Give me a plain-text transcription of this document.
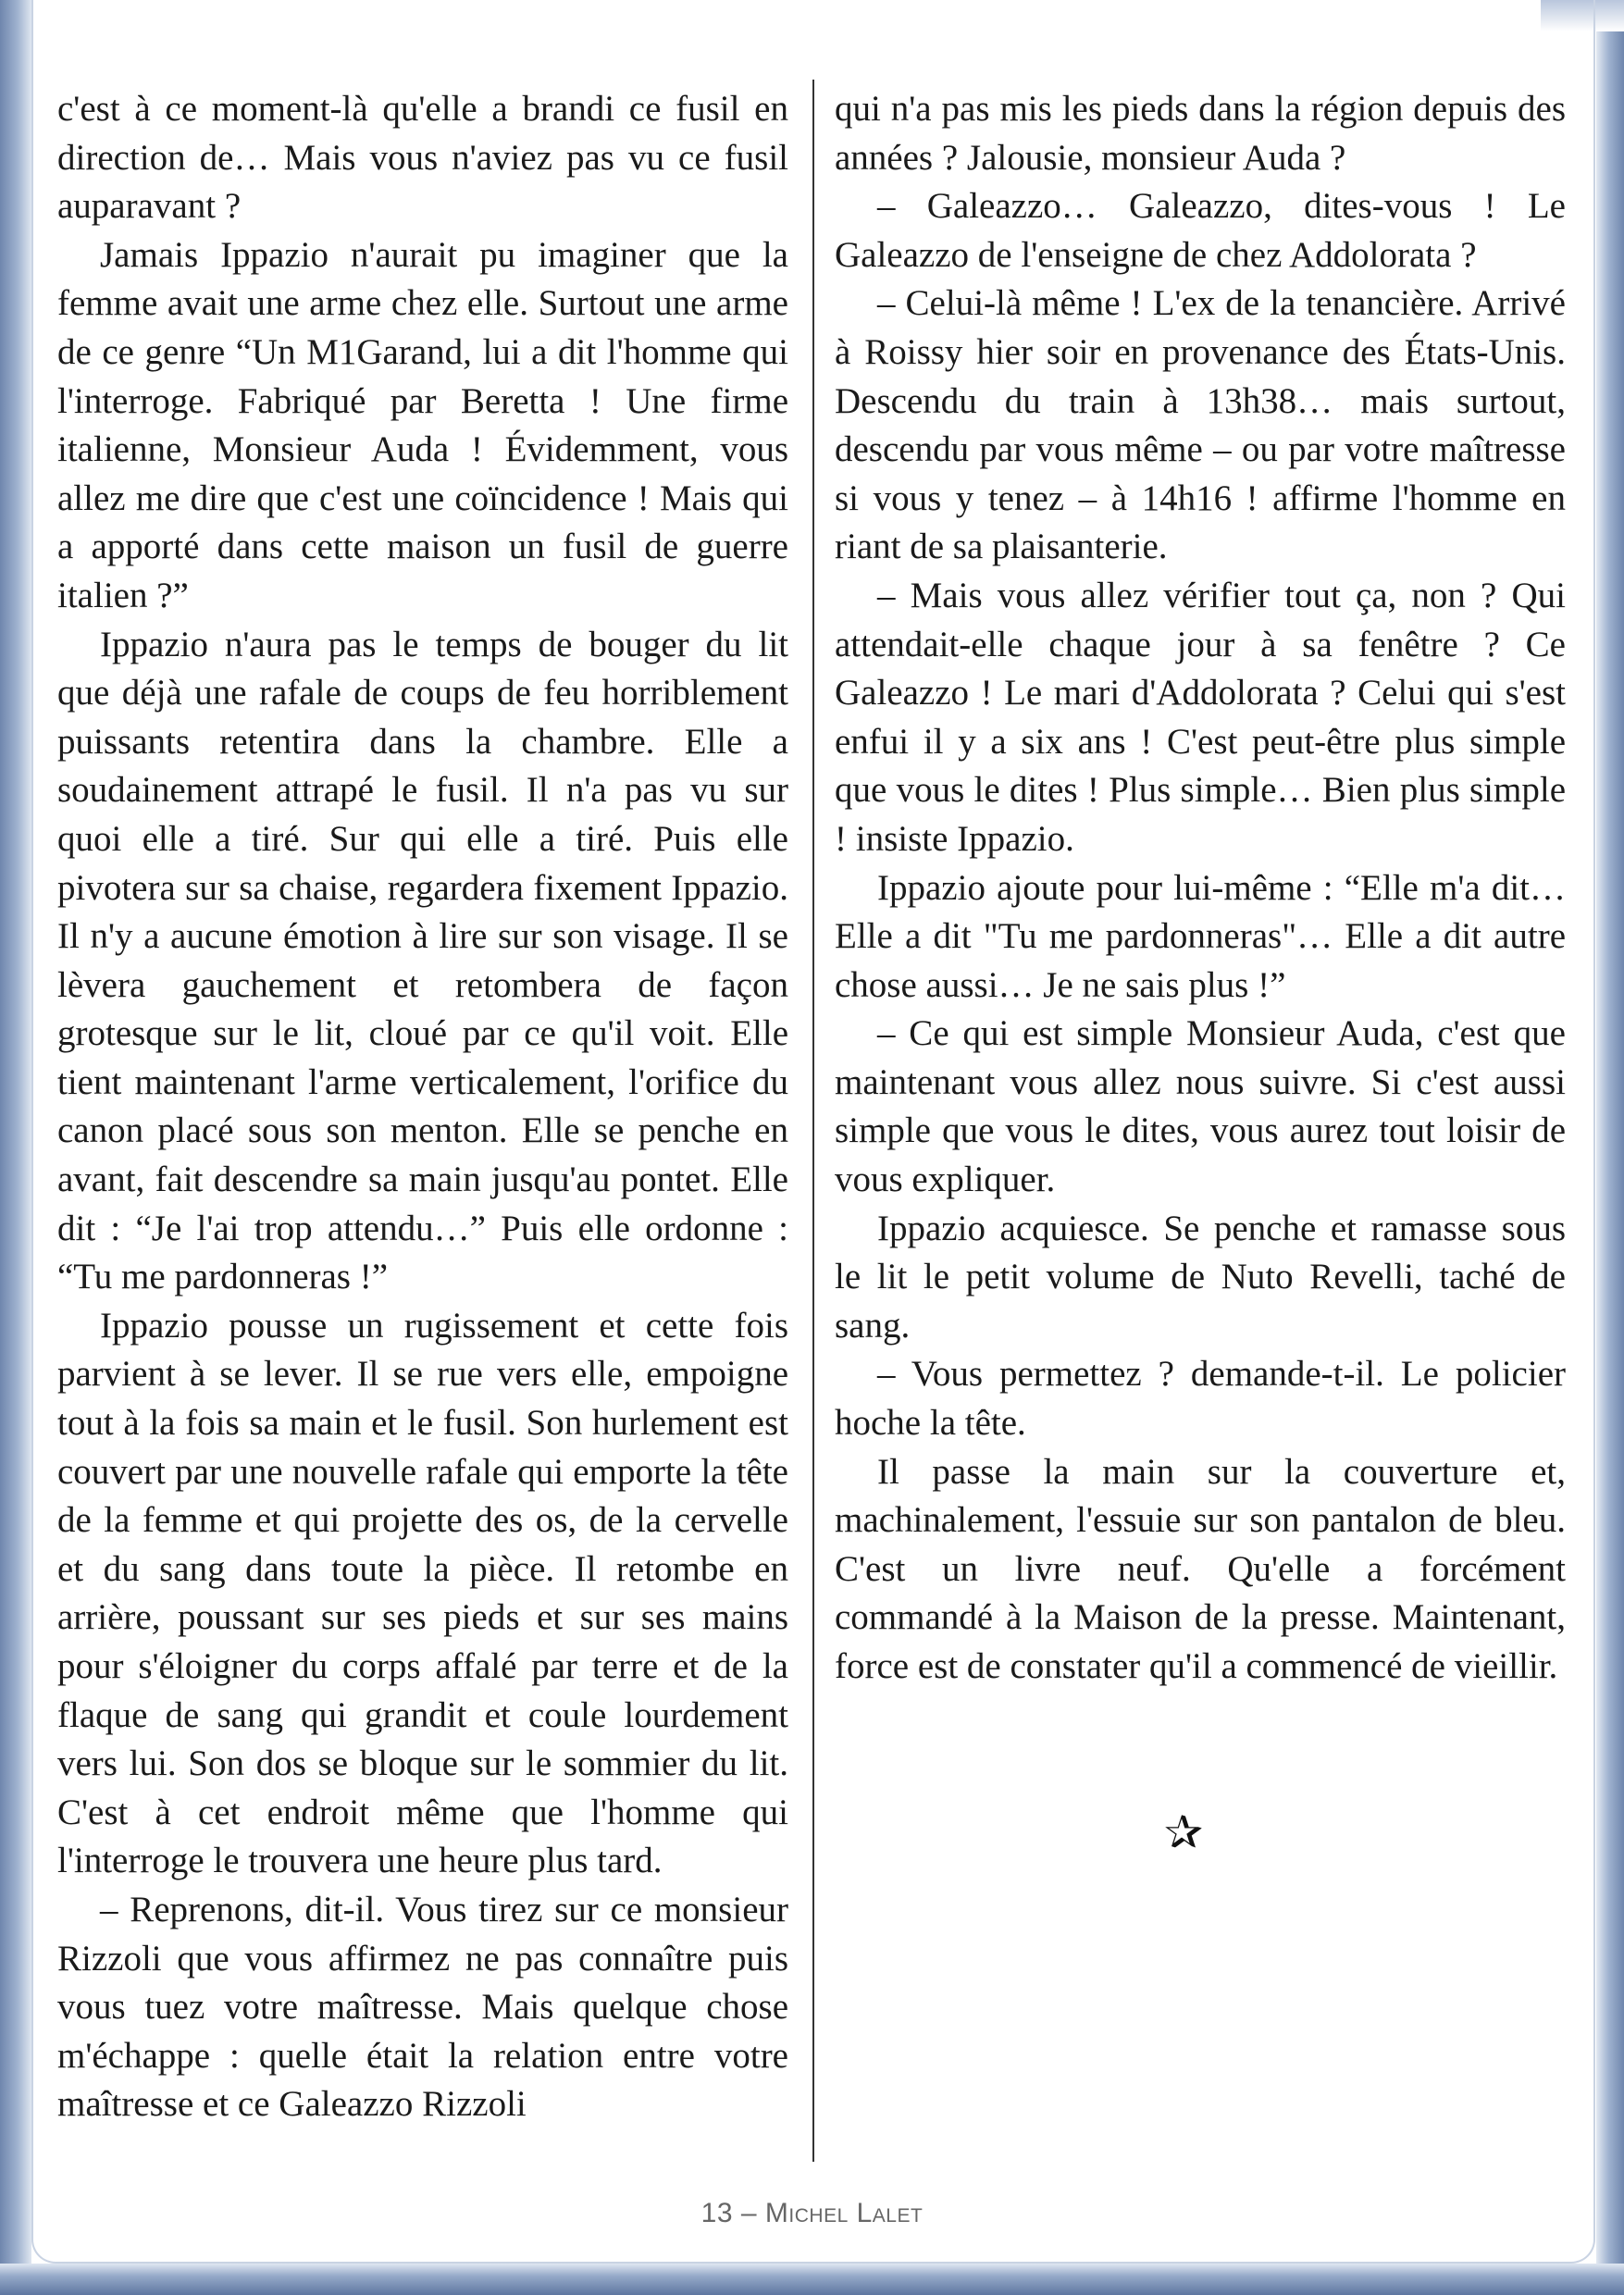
c'est à ce moment-là qu'elle a brandi ce fusil en direction de… Mais vous n'aviez pas vu ce fusil auparavant ?

Jamais Ippazio n'aurait pu imaginer que la femme avait une arme chez elle. Surtout une arme de ce genre “Un M1Garand, lui a dit l'homme qui l'interroge. Fabriqué par Beretta ! Une firme italienne, Monsieur Auda ! Évidemment, vous allez me dire que c'est une coïncidence ! Mais qui a apporté dans cette maison un fusil de guerre italien ?”

Ippazio n'aura pas le temps de bouger du lit que déjà une rafale de coups de feu horriblement puissants retentira dans la chambre. Elle a soudainement attrapé le fusil. Il n'a pas vu sur quoi elle a tiré. Sur qui elle a tiré. Puis elle pivotera sur sa chaise, regardera fixement Ippazio. Il n'y a aucune émotion à lire sur son visage. Il se lèvera gauchement et retombera de façon grotesque sur le lit, cloué par ce qu'il voit. Elle tient maintenant l'arme verticalement, l'orifice du canon placé sous son menton. Elle se penche en avant, fait descendre sa main jusqu'au pontet. Elle dit : “Je l'ai trop attendu…” Puis elle ordonne : “Tu me pardonneras !”

Ippazio pousse un rugissement et cette fois parvient à se lever. Il se rue vers elle, empoigne tout à la fois sa main et le fusil. Son hurlement est couvert par une nouvelle rafale qui emporte la tête de la femme et qui projette des os, de la cervelle et du sang dans toute la pièce. Il retombe en arrière, poussant sur ses pieds et sur ses mains pour s'éloigner du corps affalé par terre et de la flaque de sang qui grandit et coule lourdement vers lui. Son dos se bloque sur le sommier du lit. C'est à cet endroit même que l'homme qui l'interroge le trouvera une heure plus tard.

– Reprenons, dit-il. Vous tirez sur ce monsieur Rizzoli que vous affirmez ne pas connaître puis vous tuez votre maîtresse. Mais quelque chose m'échappe : quelle était la relation entre votre maîtresse et ce Galeazzo Rizzoli

qui n'a pas mis les pieds dans la région depuis des années ? Jalousie, monsieur Auda ?

– Galeazzo… Galeazzo, dites-vous ! Le Galeazzo de l'enseigne de chez Addolorata ?

– Celui-là même ! L'ex de la tenancière. Arrivé à Roissy hier soir en provenance des États-Unis. Descendu du train à 13h38… mais surtout, descendu par vous même – ou par votre maîtresse si vous y tenez – à 14h16 ! affirme l'homme en riant de sa plaisanterie.

– Mais vous allez vérifier tout ça, non ? Qui attendait-elle chaque jour à sa fenêtre ? Ce Galeazzo ! Le mari d'Addolorata ? Celui qui s'est enfui il y a six ans ! C'est peut-être plus simple que vous le dites ! Plus simple… Bien plus simple ! insiste Ippazio.

Ippazio ajoute pour lui-même : “Elle m'a dit… Elle a dit "Tu me pardonneras"… Elle a dit autre chose aussi… Je ne sais plus !”

– Ce qui est simple Monsieur Auda, c'est que maintenant vous allez nous suivre. Si c'est aussi simple que vous le dites, vous aurez tout loisir de vous expliquer.

Ippazio acquiesce. Se penche et ramasse sous le lit le petit volume de Nuto Revelli, taché de sang.

– Vous permettez ? demande-t-il. Le policier hoche la tête.

Il passe la main sur la couverture et, machinalement, l'essuie sur son pantalon de bleu. C'est un livre neuf. Qu'elle a forcément commandé à la Maison de la presse. Maintenant, force est de constater qu'il a commencé de vieillir.

✰
13 – Michel Lalet
